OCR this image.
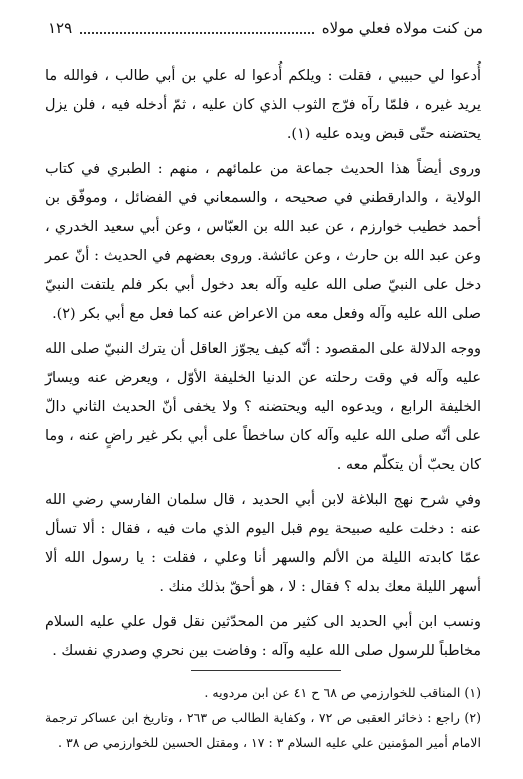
من كنت مولاه فعلي مولاه
١٢٩

أُدعوا لي حبيبي ، فقلت : ويلكم أُدعوا له علي بن أبي طالب ، فوالله ما يريد غيره ، فلمّا رآه فرّج الثوب الذي كان عليه ، ثمّ أدخله فيه ، فلن يزل يحتضنه حتّى قبض ويده عليه (١).

وروى أيضاً هذا الحديث جماعة من علمائهم ، منهم : الطبري في كتاب الولاية ، والدارقطني في صحيحه ، والسمعاني في الفضائل ، وموفّق بن أحمد خطيب خوارزم ، عن عبد الله بن العبّاس ، وعن أبي سعيد الخدري ، وعن عبد الله بن حارث ، وعن عائشة. وروى بعضهم في الحديث : أنّ عمر دخل على النبيّ صلى الله عليه وآله بعد دخول أبي بكر فلم يلتفت النبيّ صلى الله عليه وآله وفعل معه من الاعراض عنه كما فعل مع أبي بكر (٢).

ووجه الدلالة على المقصود : أنّه كيف يجوّز العاقل أن يترك النبيّ صلى الله عليه وآله في وقت رحلته عن الدنيا الخليفة الأوّل ، ويعرض عنه ويسارّ الخليفة الرابع ، ويدعوه اليه ويحتضنه ؟ ولا يخفى أنّ الحديث الثاني دالّ على أنّه صلى الله عليه وآله كان ساخطاً على أبي بكر غير راضٍ عنه ، وما كان يحبّ أن يتكلّم معه .

وفي شرح نهج البلاغة لابن أبي الحديد ، قال سلمان الفارسي رضي الله عنه : دخلت عليه صبيحة يوم قبل اليوم الذي مات فيه ، فقال : ألا تسأل عمّا كابدته الليلة من الألم والسهر أنا وعلي ، فقلت : يا رسول الله ألا أسهر الليلة معك بدله ؟ فقال : لا ، هو أحقّ بذلك منك .

ونسب ابن أبي الحديد الى كثير من المحدّثين نقل قول علي عليه السلام مخاطباً للرسول صلى الله عليه وآله : وفاضت بين نحري وصدري نفسك .

(١) المناقب للخوارزمي ص ٦٨ ح ٤١ عن ابن مردويه .

(٢) راجع : ذخائر العقبى ص ٧٢ ، وكفاية الطالب ص ٢٦٣ ، وتاريخ ابن عساكر ترجمة الامام أمير المؤمنين علي عليه السلام ٣ : ١٧ ، ومقتل الحسين للخوارزمي ص ٣٨ .
